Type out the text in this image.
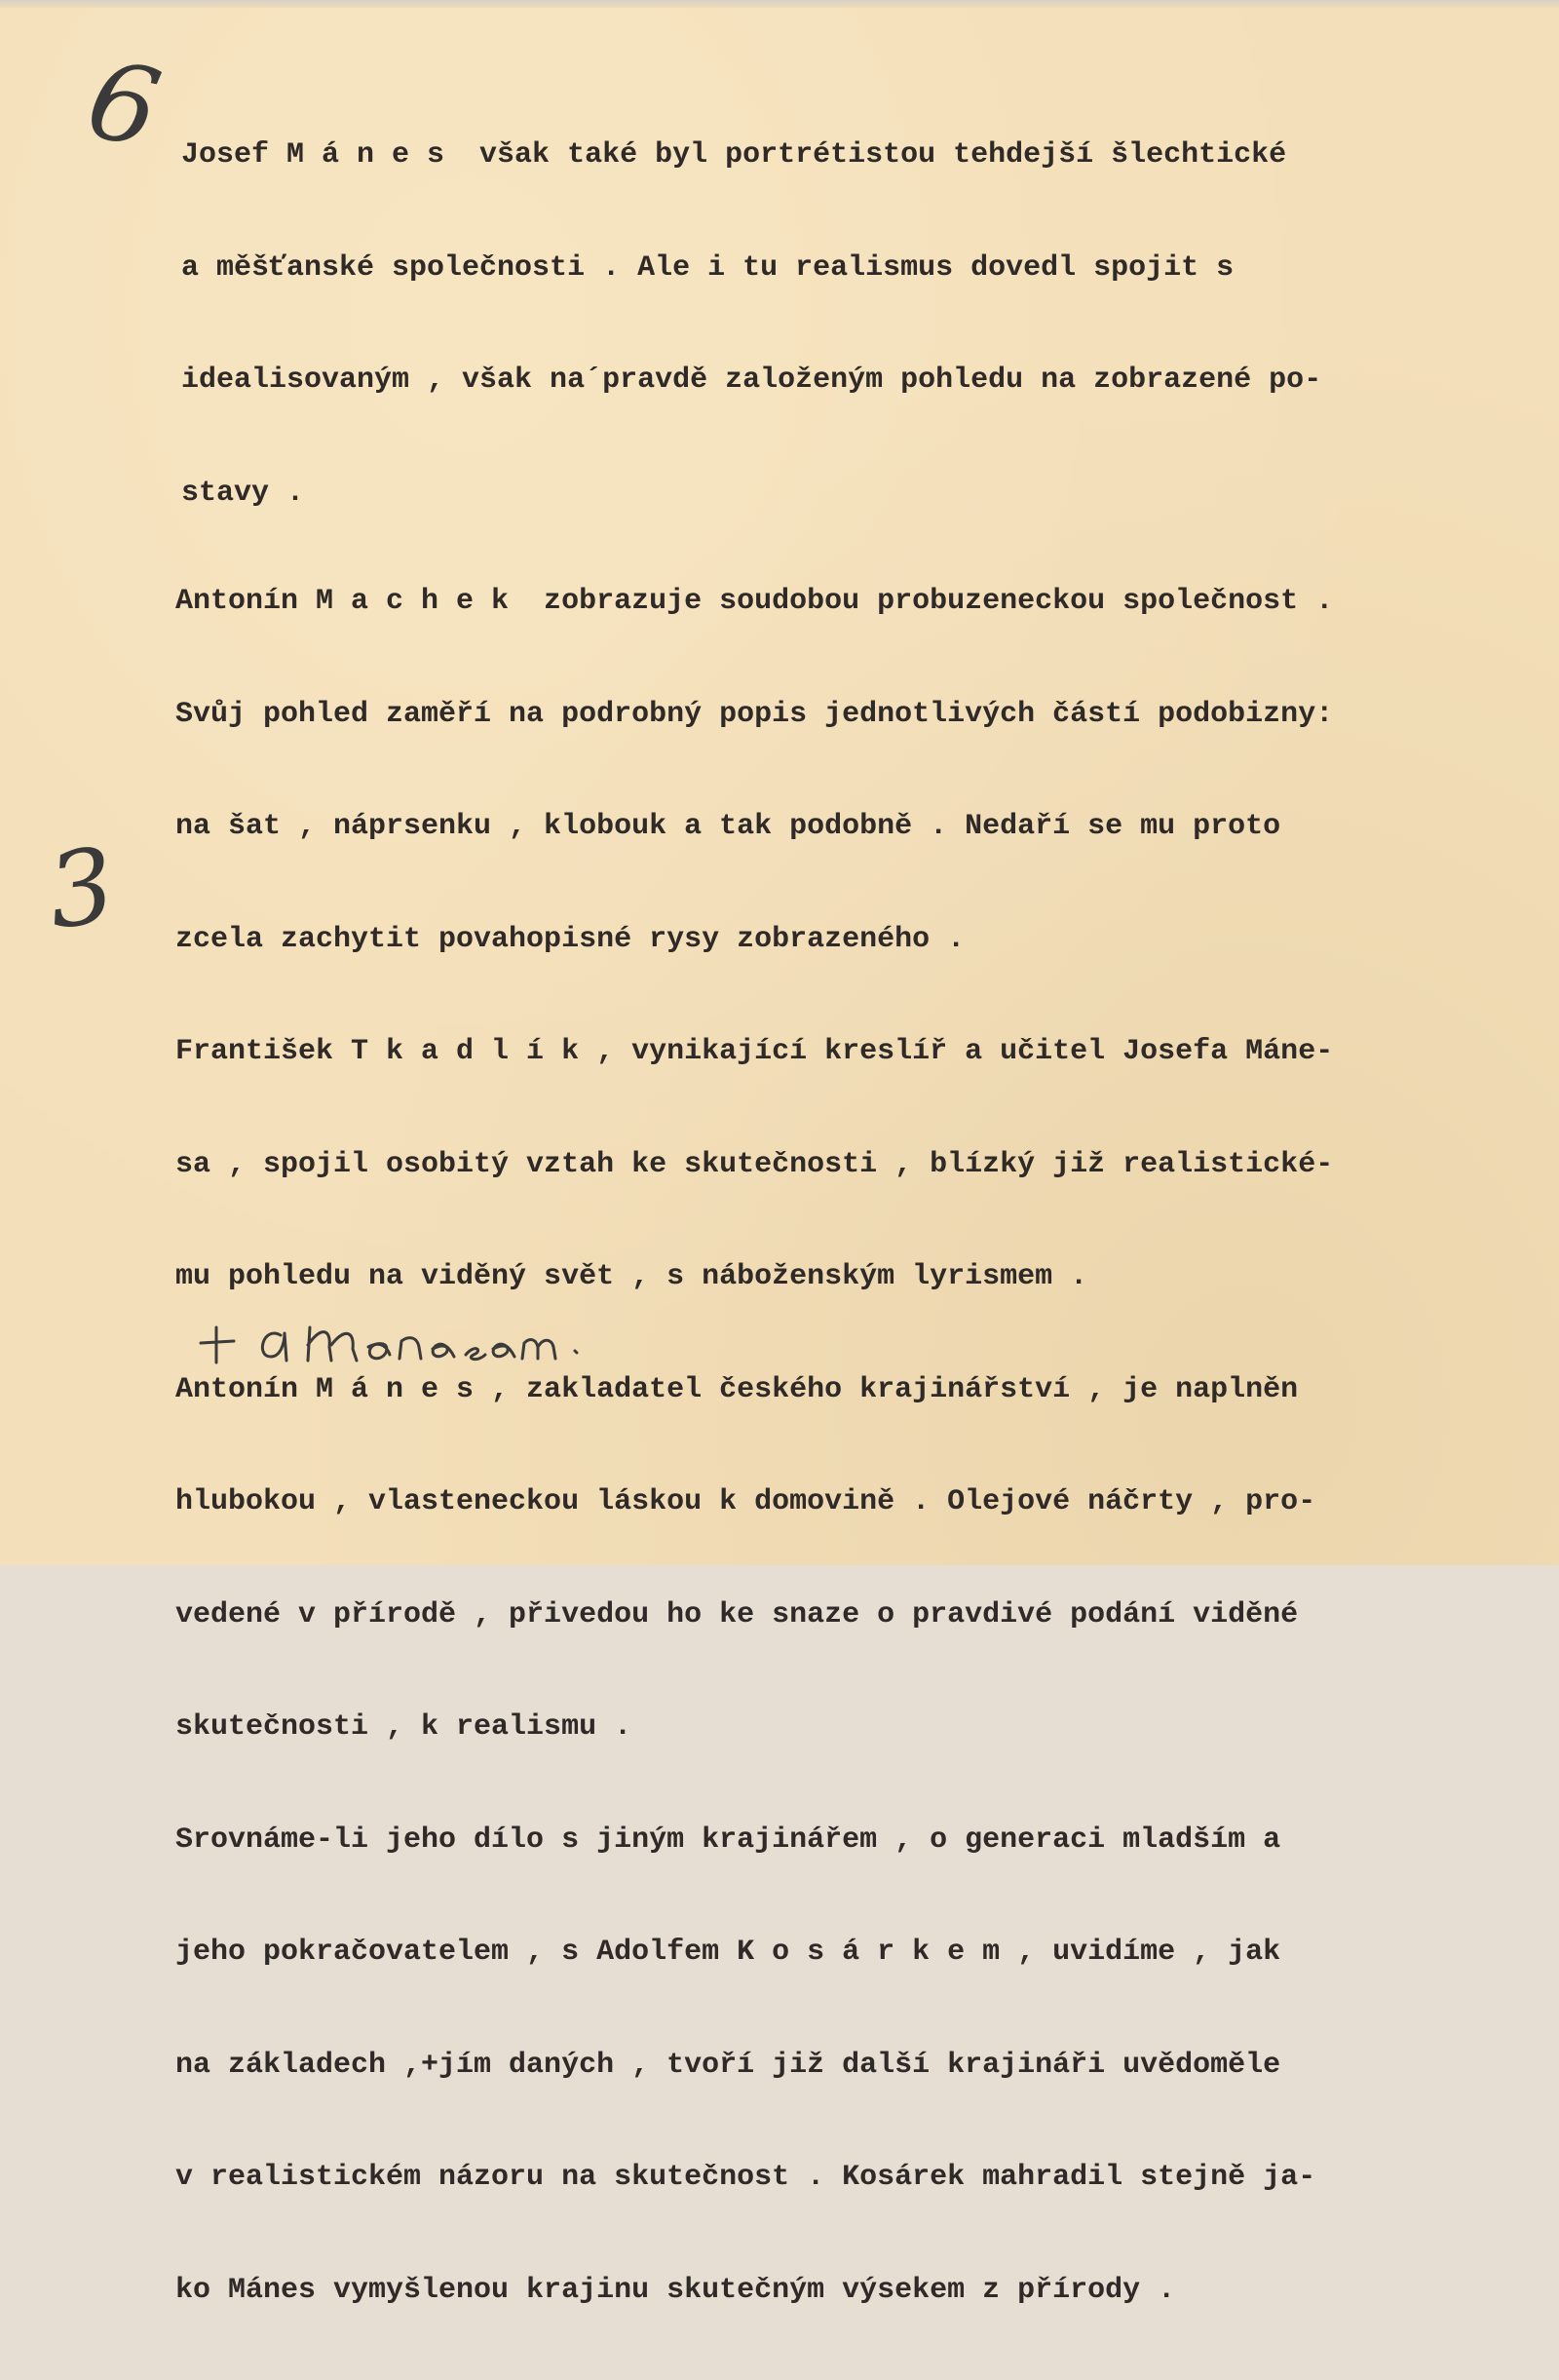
6

Josef M á n e s  však také byl portrétistou tehdejší šlechtické

a měšťanské společnosti . Ale i tu realismus dovedl spojit s

idealisovaným , však na´pravdě založeným pohledu na zobrazené po-

stavy .

3

Antonín M a c h e k  zobrazuje soudobou probuzeneckou společnost .

Svůj pohled zaměří na podrobný popis jednotlivých částí podobizny:

na šat , náprsenku , klobouk a tak podobně . Nedaří se mu proto

zcela zachytit povahopisné rysy zobrazeného .

František T k a d l í k , vynikající kreslíř a učitel Josefa Máne-

sa , spojil osobitý vztah ke skutečnosti , blízký již realistické-

mu pohledu na viděný svět , s náboženským lyrismem .

Antonín M á n e s , zakladatel českého krajinářství , je naplněn

hlubokou , vlasteneckou láskou k domovině . Olejové náčrty , pro-

vedené v přírodě , přivedou ho ke snaze o pravdivé podání viděné

skutečnosti , k realismu .

Srovnáme-li jeho dílo s jiným krajinářem , o generaci mladším a

jeho pokračovatelem , s Adolfem K o s á r k e m , uvidíme , jak

na základech ,+jím daných , tvoří již další krajináři uvědoměle

v realistickém názoru na skutečnost . Kosárek mahradil stejně ja-

ko Mánes vymyšlenou krajinu skutečným výsekem z přírody .
